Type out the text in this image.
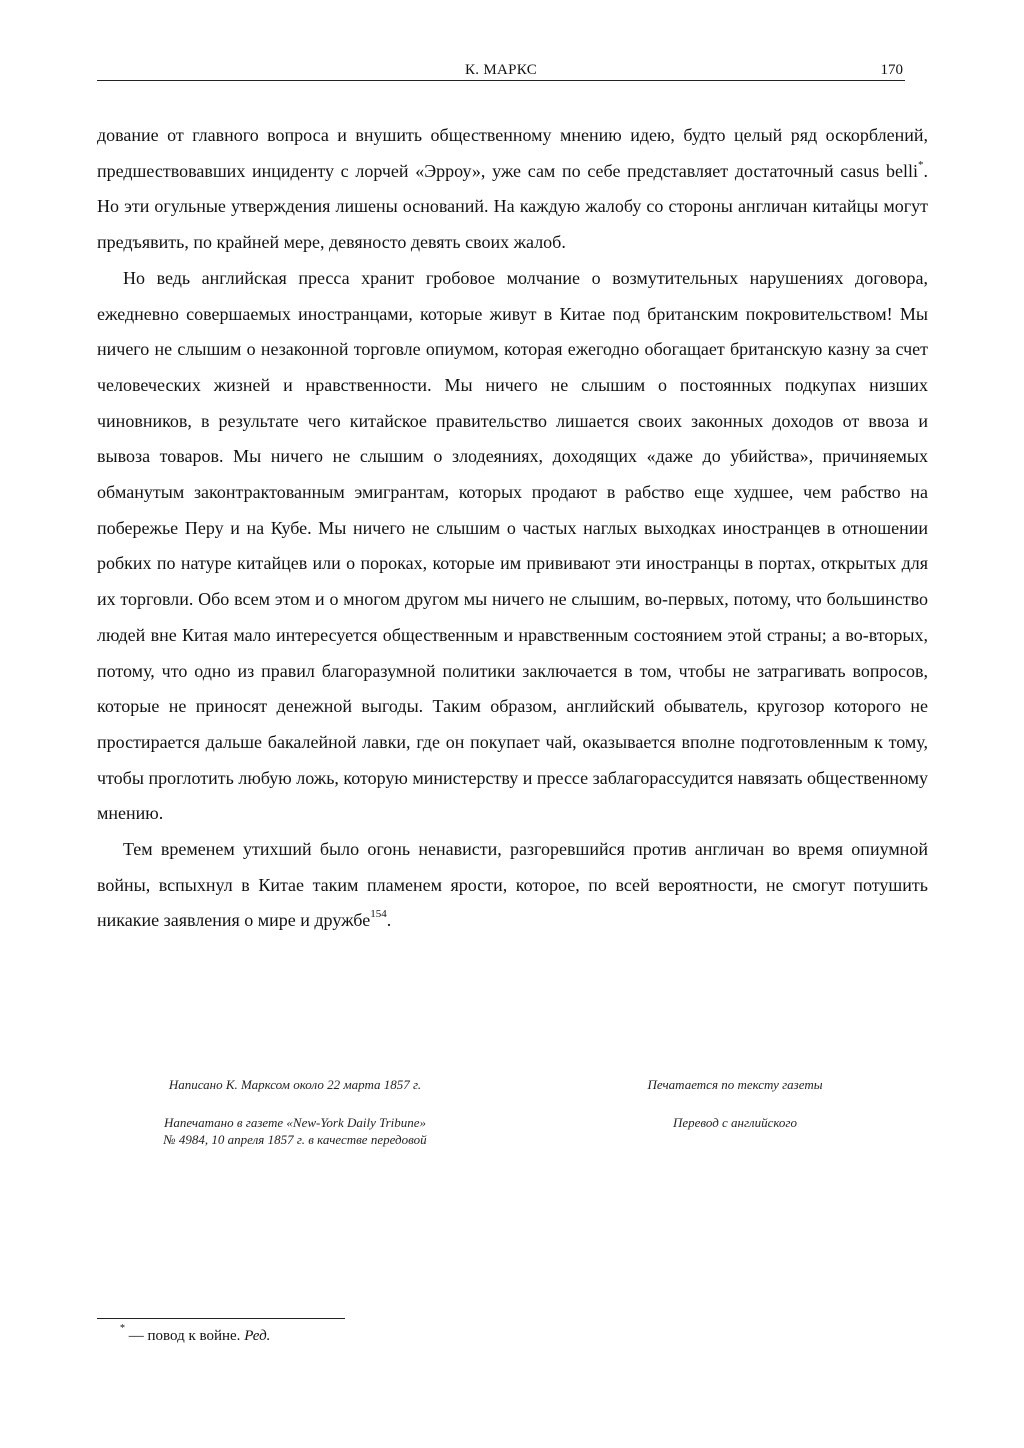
К. МАРКС	170

дование от главного вопроса и внушить общественному мнению идею, будто целый ряд оскорблений, предшествовавших инциденту с лорчей «Эрроу», уже сам по себе представляет достаточный casus belli*. Но эти огульные утверждения лишены оснований. На каждую жалобу со стороны англичан китайцы могут предъявить, по крайней мере, девяносто девять своих жалоб.

Но ведь английская пресса хранит гробовое молчание о возмутительных нарушениях договора, ежедневно совершаемых иностранцами, которые живут в Китае под британским покровительством! Мы ничего не слышим о незаконной торговле опиумом, которая ежегодно обогащает британскую казну за счет человеческих жизней и нравственности. Мы ничего не слышим о постоянных подкупах низших чиновников, в результате чего китайское правительство лишается своих законных доходов от ввоза и вывоза товаров. Мы ничего не слышим о злодеяниях, доходящих «даже до убийства», причиняемых обманутым законтрактованным эмигрантам, которых продают в рабство еще худшее, чем рабство на побережье Перу и на Кубе. Мы ничего не слышим о частых наглых выходках иностранцев в отношении робких по натуре китайцев или о пороках, которые им прививают эти иностранцы в портах, открытых для их торговли. Обо всем этом и о многом другом мы ничего не слышим, во-первых, потому, что большинство людей вне Китая мало интересуется общественным и нравственным состоянием этой страны; а во-вторых, потому, что одно из правил благоразумной политики заключается в том, чтобы не затрагивать вопросов, которые не приносят денежной выгоды. Таким образом, английский обыватель, кругозор которого не простирается дальше бакалейной лавки, где он покупает чай, оказывается вполне подготовленным к тому, чтобы проглотить любую ложь, которую министерству и прессе заблагорассудится навязать общественному мнению.

Тем временем утихший было огонь ненависти, разгоревшийся против англичан во время опиумной войны, вспыхнул в Китае таким пламенем ярости, которое, по всей вероятности, не смогут потушить никакие заявления о мире и дружбе$^{154}$.

Написано К. Марксом около 22 марта 1857 г.
Напечатано в газете «New-York Daily Tribune»
№ 4984, 10 апреля 1857 г. в качестве передовой
Печатается по тексту газеты
Перевод с английского
* — повод к войне. Ред.
